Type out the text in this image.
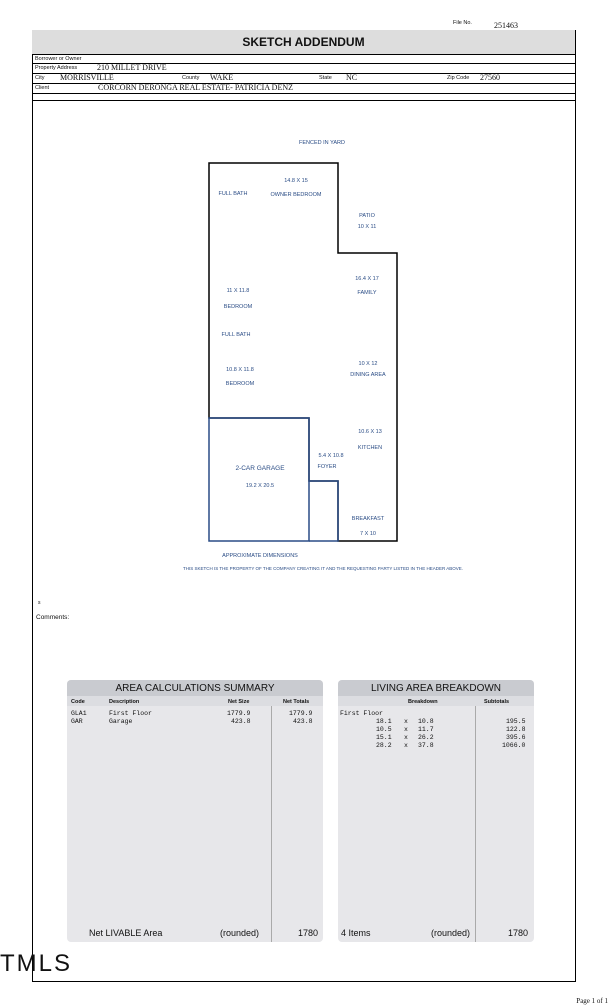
File No.	251463
SKETCH ADDENDUM
Borrower or Owner
Property Address 210 MILLET DRIVE
City MORRISVILLE	County WAKE	State NC	Zip Code 27560
Client	CORCORN DERONGA REAL ESTATE- PATRICIA DENZ
FENCED IN YARD
FULL BATH
14.8 X 15
OWNER BEDROOM
PATIO
10 X 11
16.4 X 17
FAMILY
11 X 11.8
BEDROOM
FULL BATH
10.8 X 11.8
BEDROOM
10 X 12
DINING AREA
10.6 X 13
KITCHEN
5.4 X 10.8
FOYER
2-CAR GARAGE
19.2 X 20.5
BREAKFAST
7 X 10
APPROXIMATE DIMENSIONS
THIS SKETCH IS THE PROPERTY OF THE COMPANY CREATING IT AND THE REQUESTING PARTY LISTED IN THE HEADER ABOVE.
s
Comments:
AREA CALCULATIONS SUMMARY
Code	Description	Net Size	Net Totals
GLA1	First Floor	1779.9	1779.9
GAR	Garage	423.8	423.8
Net LIVABLE Area	(rounded)	1780
LIVING AREA BREAKDOWN
Breakdown	Subtotals
First Floor
18.1 x 10.8	195.5
10.5 x 11.7	122.8
15.1 x 26.2	395.6
28.2 x 37.8	1066.0
4 Items	(rounded)	1780
TMLS
Page 1 of 1
